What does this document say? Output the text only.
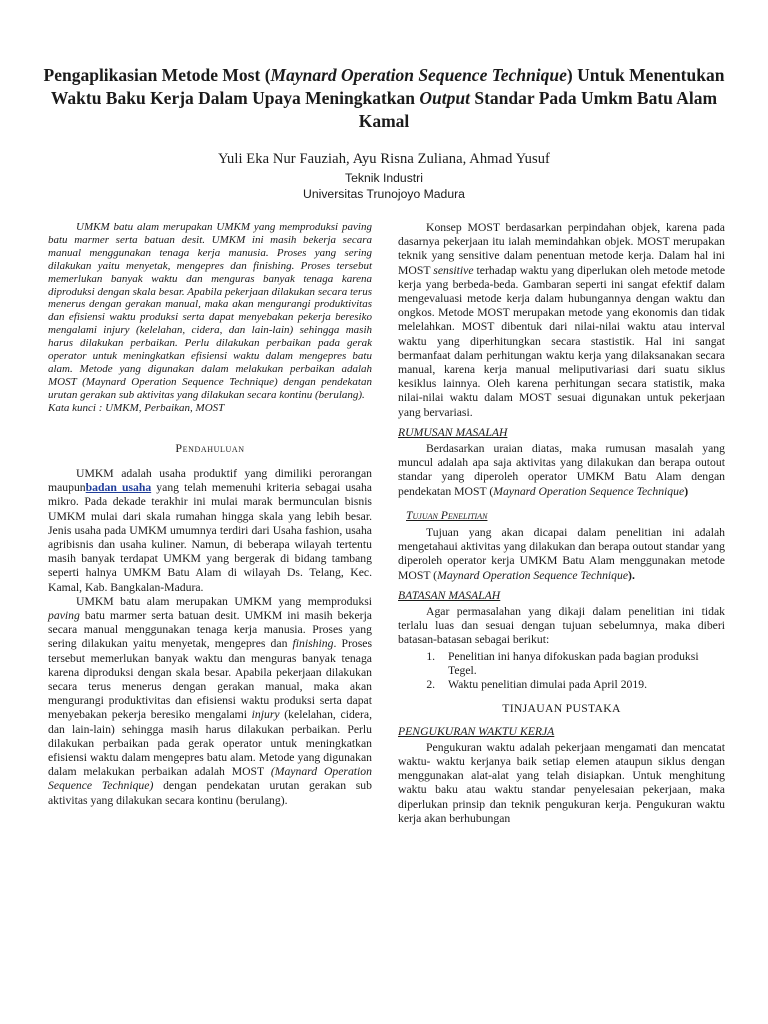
Pengaplikasian Metode Most (Maynard Operation Sequence Technique) Untuk Menentukan Waktu Baku Kerja Dalam Upaya Meningkatkan Output Standar Pada Umkm Batu Alam Kamal
Yuli Eka Nur Fauziah, Ayu Risna Zuliana, Ahmad Yusuf
Teknik Industri
Universitas Trunojoyo Madura

UMKM batu alam merupakan UMKM yang memproduksi paving batu marmer serta batuan desit. UMKM ini masih bekerja secara manual menggunakan tenaga kerja manusia. Proses yang sering dilakukan yaitu menyetak, mengepres dan finishing. Proses tersebut memerlukan banyak waktu dan menguras banyak tenaga karena diproduksi dengan skala besar. Apabila pekerjaan dilakukan secara terus menerus dengan gerakan manual, maka akan mengurangi produktivitas dan efisiensi waktu produksi serta dapat menyebakan pekerja beresiko mengalami injury (kelelahan, cidera, dan lain-lain) sehingga masih harus dilakukan perbaikan. Perlu dilakukan perbaikan pada gerak operator untuk meningkatkan efisiensi waktu dalam mengepres batu alam. Metode yang digunakan dalam melakukan perbaikan adalah MOST (Maynard Operation Sequence Technique) dengan pendekatan urutan gerakan sub aktivitas yang dilakukan secara kontinu (berulang).

Kata kunci : UMKM, Perbaikan, MOST

Pendahuluan

UMKM adalah usaha produktif yang dimiliki perorangan maupunbadan usaha yang telah memenuhi kriteria sebagai usaha mikro. Pada dekade terakhir ini mulai marak bermunculan bisnis UMKM mulai dari skala rumahan hingga skala yang lebih besar. Jenis usaha pada UMKM umumnya terdiri dari Usaha fashion, usaha agribisnis dan usaha kuliner. Namun, di beberapa wilayah tertentu masih banyak terdapat UMKM yang bergerak di bidang tambang seperti halnya UMKM Batu Alam di wilayah Ds. Telang, Kec. Kamal, Kab. Bangkalan-Madura.

UMKM batu alam merupakan UMKM yang memproduksi paving batu marmer serta batuan desit. UMKM ini masih bekerja secara manual menggunakan tenaga kerja manusia. Proses yang sering dilakukan yaitu menyetak, mengepres dan finishing. Proses tersebut memerlukan banyak waktu dan menguras banyak tenaga karena diproduksi dengan skala besar. Apabila pekerjaan dilakukan secara terus menerus dengan gerakan manual, maka akan mengurangi produktivitas dan efisiensi waktu produksi serta dapat menyebakan pekerja beresiko mengalami injury (kelelahan, cidera, dan lain-lain) sehingga masih harus dilakukan perbaikan. Perlu dilakukan perbaikan pada gerak operator untuk meningkatkan efisiensi waktu dalam mengepres batu alam. Metode yang digunakan dalam melakukan perbaikan adalah MOST (Maynard Operation Sequence Technique) dengan pendekatan urutan gerakan sub aktivitas yang dilakukan secara kontinu (berulang).

Konsep MOST berdasarkan perpindahan objek, karena pada dasarnya pekerjaan itu ialah memindahkan objek. MOST merupakan teknik yang sensitive dalam penentuan metode kerja. Dalam hal ini MOST sensitive terhadap waktu yang diperlukan oleh metode metode kerja yang berbeda-beda. Gambaran seperti ini sangat efektif dalam mengevaluasi metode kerja dalam hubungannya dengan waktu dan ongkos. Metode MOST merupakan metode yang ekonomis dan tidak melelahkan. MOST dibentuk dari nilai-nilai waktu atau interval waktu yang diperhitungkan secara stastistik. Hal ini sangat bermanfaat dalam perhitungan waktu kerja yang dilaksanakan secara manual, karena kerja manual meliputivariasi dari suatu siklus kesiklus lainnya. Oleh karena perhitungan secara statistik, maka nilai-nilai waktu dalam MOST sesuai digunakan untuk pekerjaan yang bervariasi.

RUMUSAN MASALAH

Berdasarkan uraian diatas, maka rumusan masalah yang muncul adalah apa saja aktivitas yang dilakukan dan berapa outout standar yang diperoleh operator UMKM Batu Alam dengan pendekatan MOST (Maynard Operation Sequence Technique)

Tujuan Penelitian

Tujuan yang akan dicapai dalam penelitian ini adalah mengetahaui aktivitas yang dilakukan dan berapa outout standar yang diperoleh operator kerja UMKM Batu Alam menggunakan metode MOST (Maynard Operation Sequence Technique).

BATASAN MASALAH

Agar permasalahan yang dikaji dalam penelitian ini tidak terlalu luas dan sesuai dengan tujuan sebelumnya, maka diberi batasan-batasan sebagai berikut:

1. Penelitian ini hanya difokuskan pada bagian produksi Tegel.
2. Waktu penelitian dimulai pada April 2019.
TINJAUAN PUSTAKA
PENGUKURAN WAKTU KERJA

Pengukuran waktu adalah pekerjaan mengamati dan mencatat waktu- waktu kerjanya baik setiap elemen ataupun siklus dengan menggunakan alat-alat yang telah disiapkan. Untuk menghitung waktu baku atau waktu standar penyelesaian pekerjaan, maka diperlukan prinsip dan teknik pengukuran kerja. Pengukuran waktu kerja akan berhubungan
